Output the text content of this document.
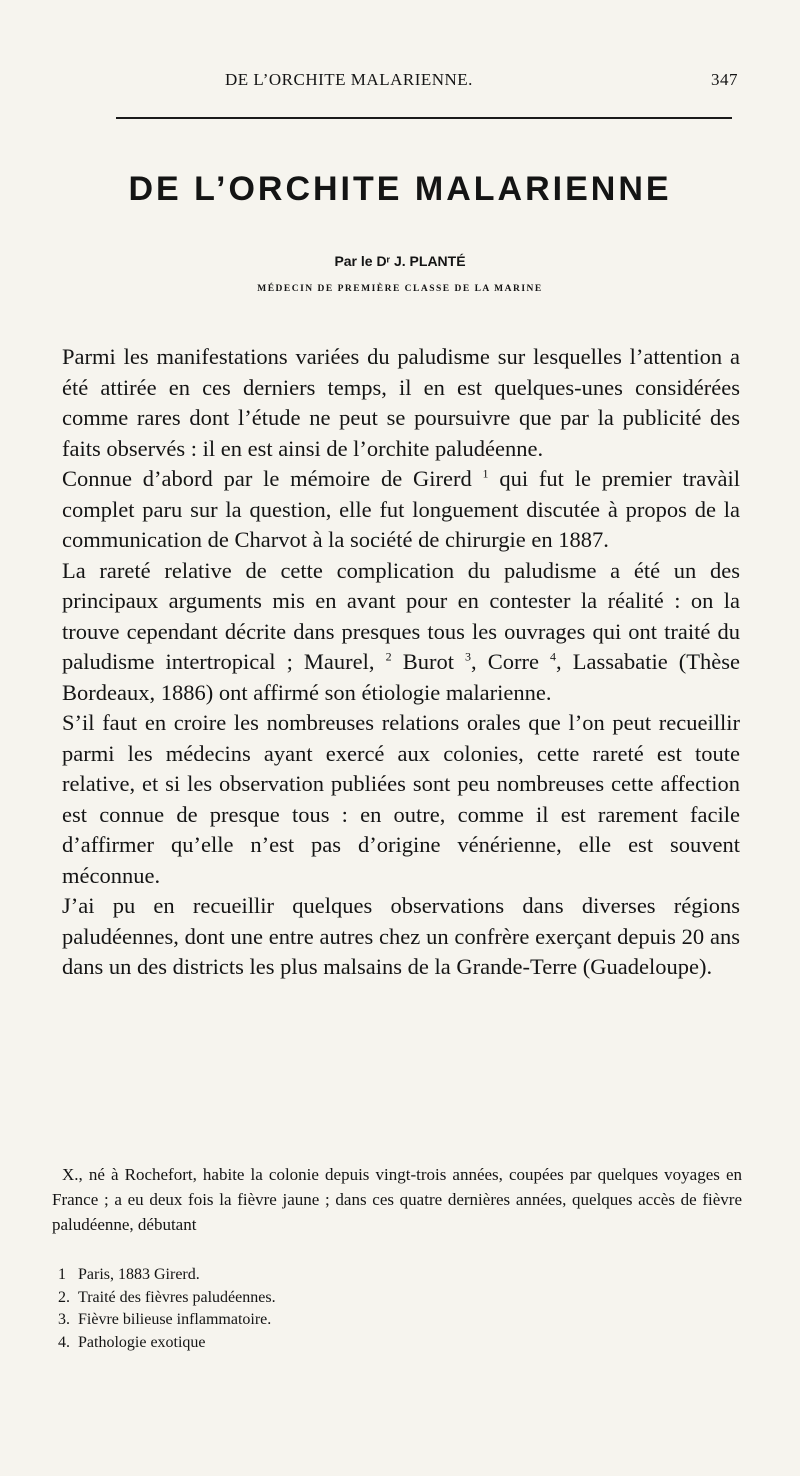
DE L’ORCHITE MALARIENNE.	347
DE L’ORCHITE MALARIENNE
Par le Dʳ J. PLANTÉ
MÉDECIN DE PREMIÈRE CLASSE DE LA MARINE

Parmi les manifestations variées du paludisme sur lesquelles l’attention a été attirée en ces derniers temps, il en est quelques-unes considérées comme rares dont l’étude ne peut se poursuivre que par la publicité des faits observés : il en est ainsi de l’orchite paludéenne.

Connue d’abord par le mémoire de Girerd $^1$ qui fut le premier travàil complet paru sur la question, elle fut longuement discutée à propos de la communication de Charvot à la société de chirurgie en 1887.

La rareté relative de cette complication du paludisme a été un des principaux arguments mis en avant pour en contester la réalité : on la trouve cependant décrite dans presques tous les ouvrages qui ont traité du paludisme intertropical ; Maurel, $^2$ Burot $^3$, Corre $^4$, Lassabatie (Thèse Bordeaux, 1886) ont affirmé son étiologie malarienne.

S’il faut en croire les nombreuses relations orales que l’on peut recueillir parmi les médecins ayant exercé aux colonies, cette rareté est toute relative, et si les observation publiées sont peu nombreuses cette affection est connue de presque tous : en outre, comme il est rarement facile d’affirmer qu’elle n’est pas d’origine vénérienne, elle est souvent méconnue.

J’ai pu en recueillir quelques observations dans diverses régions paludéennes, dont une entre autres chez un confrère exerçant depuis 20 ans dans un des districts les plus malsains de la Grande-Terre (Guadeloupe).

X., né à Rochefort, habite la colonie depuis vingt-trois années, coupées par quelques voyages en France ; a eu deux fois la fièvre jaune ; dans ces quatre dernières années, quelques accès de fièvre paludéenne, débutant
1 Paris, 1883 Girerd.
2. Traité des fièvres paludéennes.
3. Fièvre bilieuse inflammatoire.
4. Pathologie exotique
